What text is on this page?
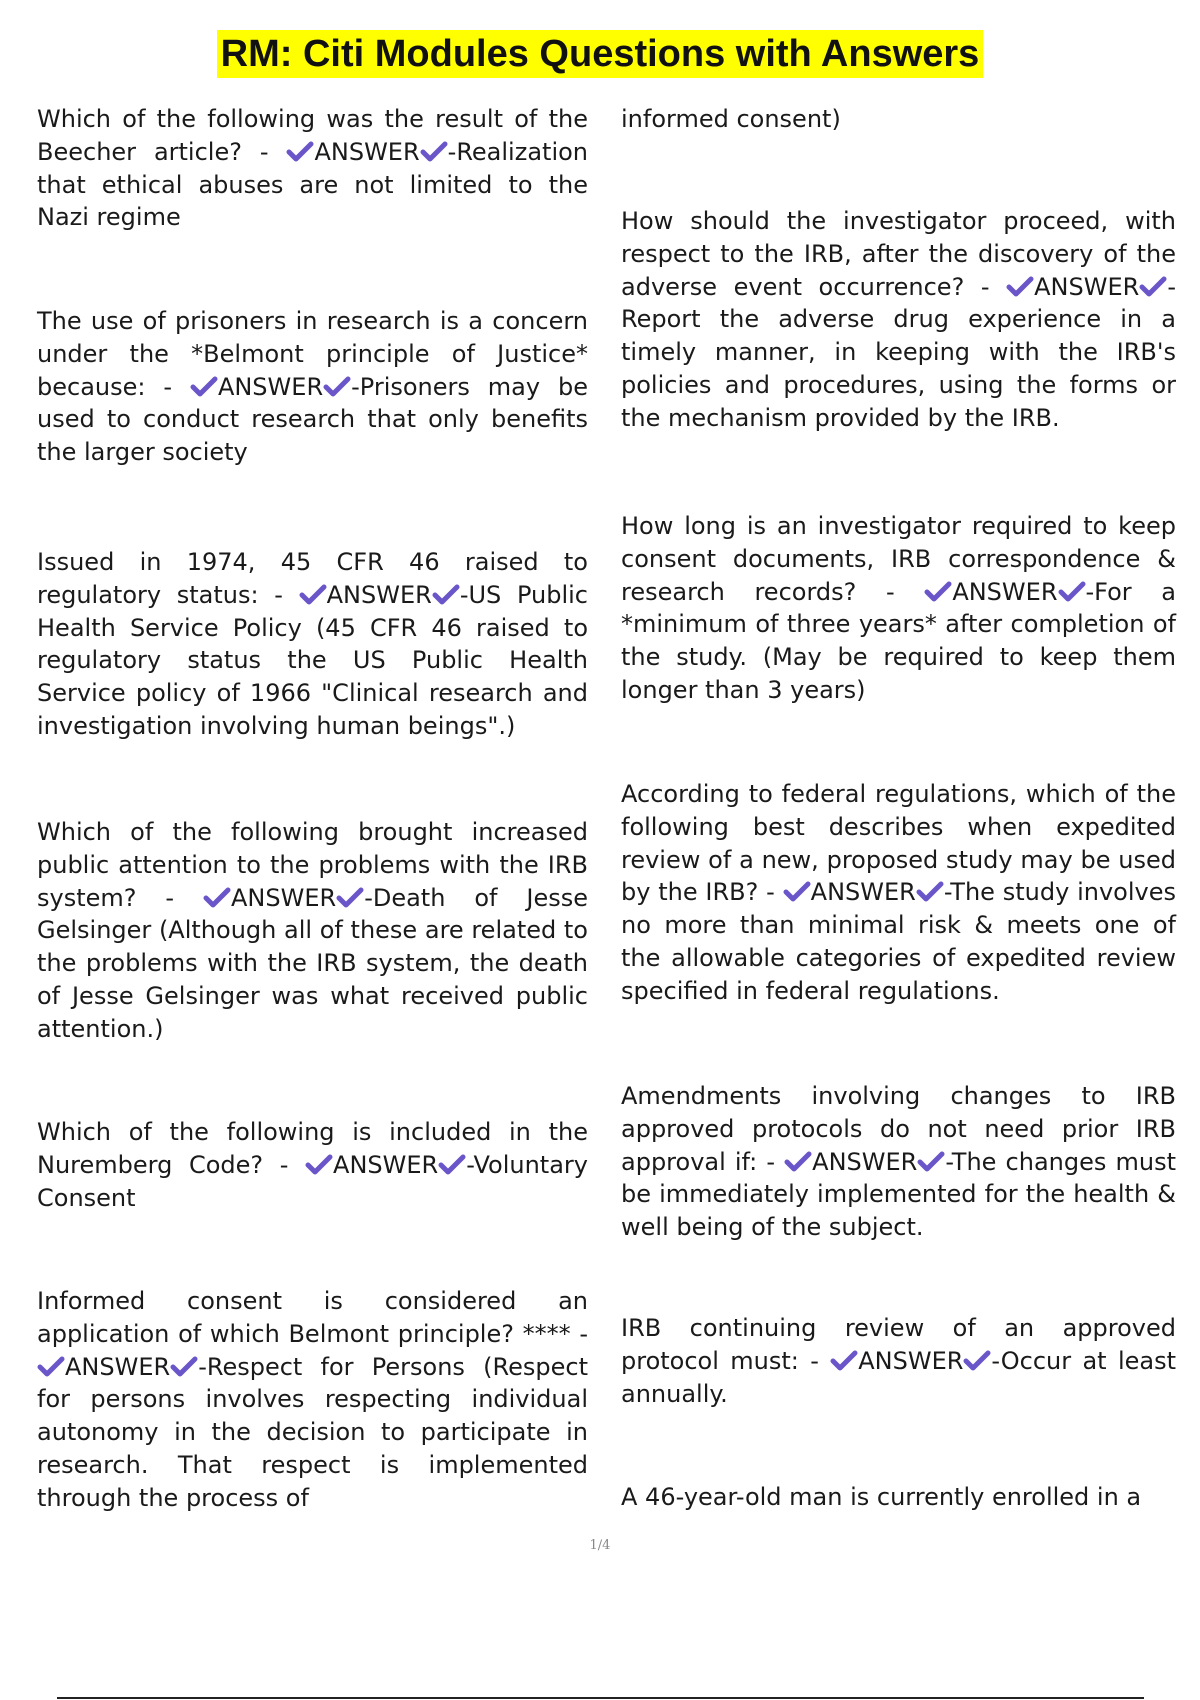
RM: Citi Modules Questions with Answers

Which of the following was the result of the Beecher article? - ANSWER -Realization that ethical abuses are not limited to the Nazi regime

The use of prisoners in research is a concern under the *Belmont principle of Justice* because: - ANSWER -Prisoners may be used to conduct research that only benefits the larger society

Issued in 1974, 45 CFR 46 raised to regulatory status: - ANSWER -US Public Health Service Policy (45 CFR 46 raised to regulatory status the US Public Health Service policy of 1966 "Clinical research and investigation involving human beings".)

Which of the following brought increased public attention to the problems with the IRB system? - ANSWER -Death of Jesse Gelsinger (Although all of these are related to the problems with the IRB system, the death of Jesse Gelsinger was what received public attention.)

Which of the following is included in the Nuremberg Code? - ANSWER -Voluntary Consent

Informed consent is considered an application of which Belmont principle? **** -
ANSWER -Respect for Persons (Respect for persons involves respecting individual autonomy in the decision to participate in research. That respect is implemented through the process of

informed consent)

How should the investigator proceed, with respect to the IRB, after the discovery of the adverse event occurrence? - ANSWER -Report the adverse drug experience in a timely manner, in keeping with the IRB's policies and procedures, using the forms or the mechanism provided by the IRB.

How long is an investigator required to keep consent documents, IRB correspondence & research records? - ANSWER -For a *minimum of three years* after completion of the study. (May be required to keep them longer than 3 years)

According to federal regulations, which of the following best describes when expedited review of a new, proposed study may be used by the IRB? - ANSWER -The study involves no more than minimal risk & meets one of the allowable categories of expedited review specified in federal regulations.

Amendments involving changes to IRB approved protocols do not need prior IRB approval if: - ANSWER -The changes must be immediately implemented for the health & well being of the subject.

IRB continuing review of an approved protocol must: - ANSWER -Occur at least annually.

A 46-year-old man is currently enrolled in a

1/4
